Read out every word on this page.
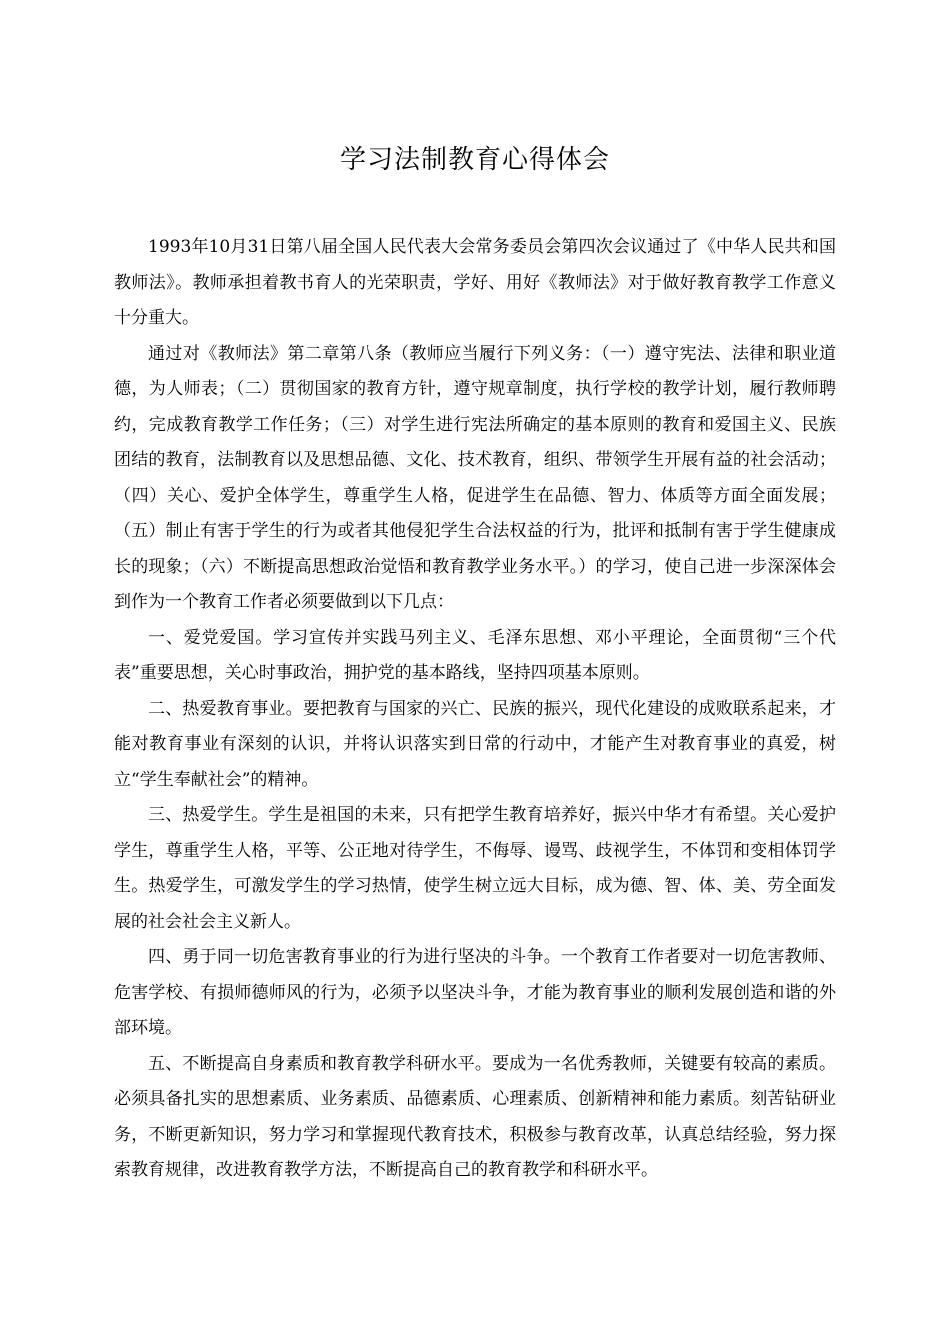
学习法制教育心得体会

1993年10月31日第八届全国人民代表大会常务委员会第四次会议通过了《中华人民共和国教师法》。教师承担着教书育人的光荣职责，学好、用好《教师法》对于做好教育教学工作意义十分重大。

通过对《教师法》第二章第八条（教师应当履行下列义务：（一）遵守宪法、法律和职业道德，为人师表；（二）贯彻国家的教育方针，遵守规章制度，执行学校的教学计划，履行教师聘约，完成教育教学工作任务；（三）对学生进行宪法所确定的基本原则的教育和爱国主义、民族团结的教育，法制教育以及思想品德、文化、技术教育，组织、带领学生开展有益的社会活动；（四）关心、爱护全体学生，尊重学生人格，促进学生在品德、智力、体质等方面全面发展；（五）制止有害于学生的行为或者其他侵犯学生合法权益的行为，批评和抵制有害于学生健康成长的现象；（六）不断提高思想政治觉悟和教育教学业务水平。）的学习，使自己进一步深深体会到作为一个教育工作者必须要做到以下几点：

一、爱党爱国。学习宣传并实践马列主义、毛泽东思想、邓小平理论，全面贯彻“三个代表”重要思想，关心时事政治，拥护党的基本路线，坚持四项基本原则。

二、热爱教育事业。要把教育与国家的兴亡、民族的振兴，现代化建设的成败联系起来，才能对教育事业有深刻的认识，并将认识落实到日常的行动中，才能产生对教育事业的真爱，树立“学生奉献社会”的精神。

三、热爱学生。学生是祖国的未来，只有把学生教育培养好，振兴中华才有希望。关心爱护学生，尊重学生人格，平等、公正地对待学生，不侮辱、谩骂、歧视学生，不体罚和变相体罚学生。热爱学生，可激发学生的学习热情，使学生树立远大目标，成为德、智、体、美、劳全面发展的社会社会主义新人。

四、勇于同一切危害教育事业的行为进行坚决的斗争。一个教育工作者要对一切危害教师、危害学校、有损师德师风的行为，必须予以坚决斗争，才能为教育事业的顺利发展创造和谐的外部环境。

五、不断提高自身素质和教育教学科研水平。要成为一名优秀教师，关键要有较高的素质。必须具备扎实的思想素质、业务素质、品德素质、心理素质、创新精神和能力素质。刻苦钻研业务，不断更新知识，努力学习和掌握现代教育技术，积极参与教育改革，认真总结经验，努力探索教育规律，改进教育教学方法，不断提高自己的教育教学和科研水平。
